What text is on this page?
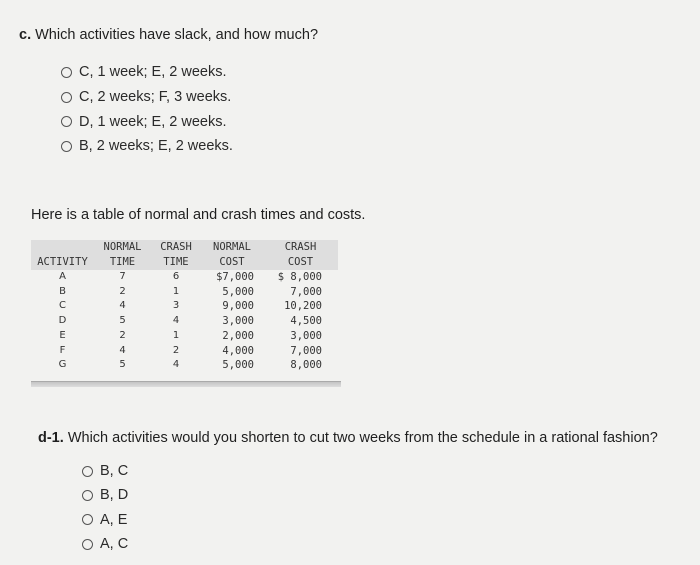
c. Which activities have slack, and how much?
C, 1 week; E, 2 weeks.
C, 2 weeks; F, 3 weeks.
D, 1 week; E, 2 weeks.
B, 2 weeks; E, 2 weeks.
Here is a table of normal and crash times and costs.
	NORMAL	CRASH	NORMAL	CRASH
ACTIVITY	TIME	TIME	COST	COST
A	7	6	$7,000	$ 8,000
B	2	1	5,000	7,000
C	4	3	9,000	10,200
D	5	4	3,000	4,500
E	2	1	2,000	3,000
F	4	2	4,000	7,000
G	5	4	5,000	8,000
d-1. Which activities would you shorten to cut two weeks from the schedule in a rational fashion?
B, C
B, D
A, E
A, C
